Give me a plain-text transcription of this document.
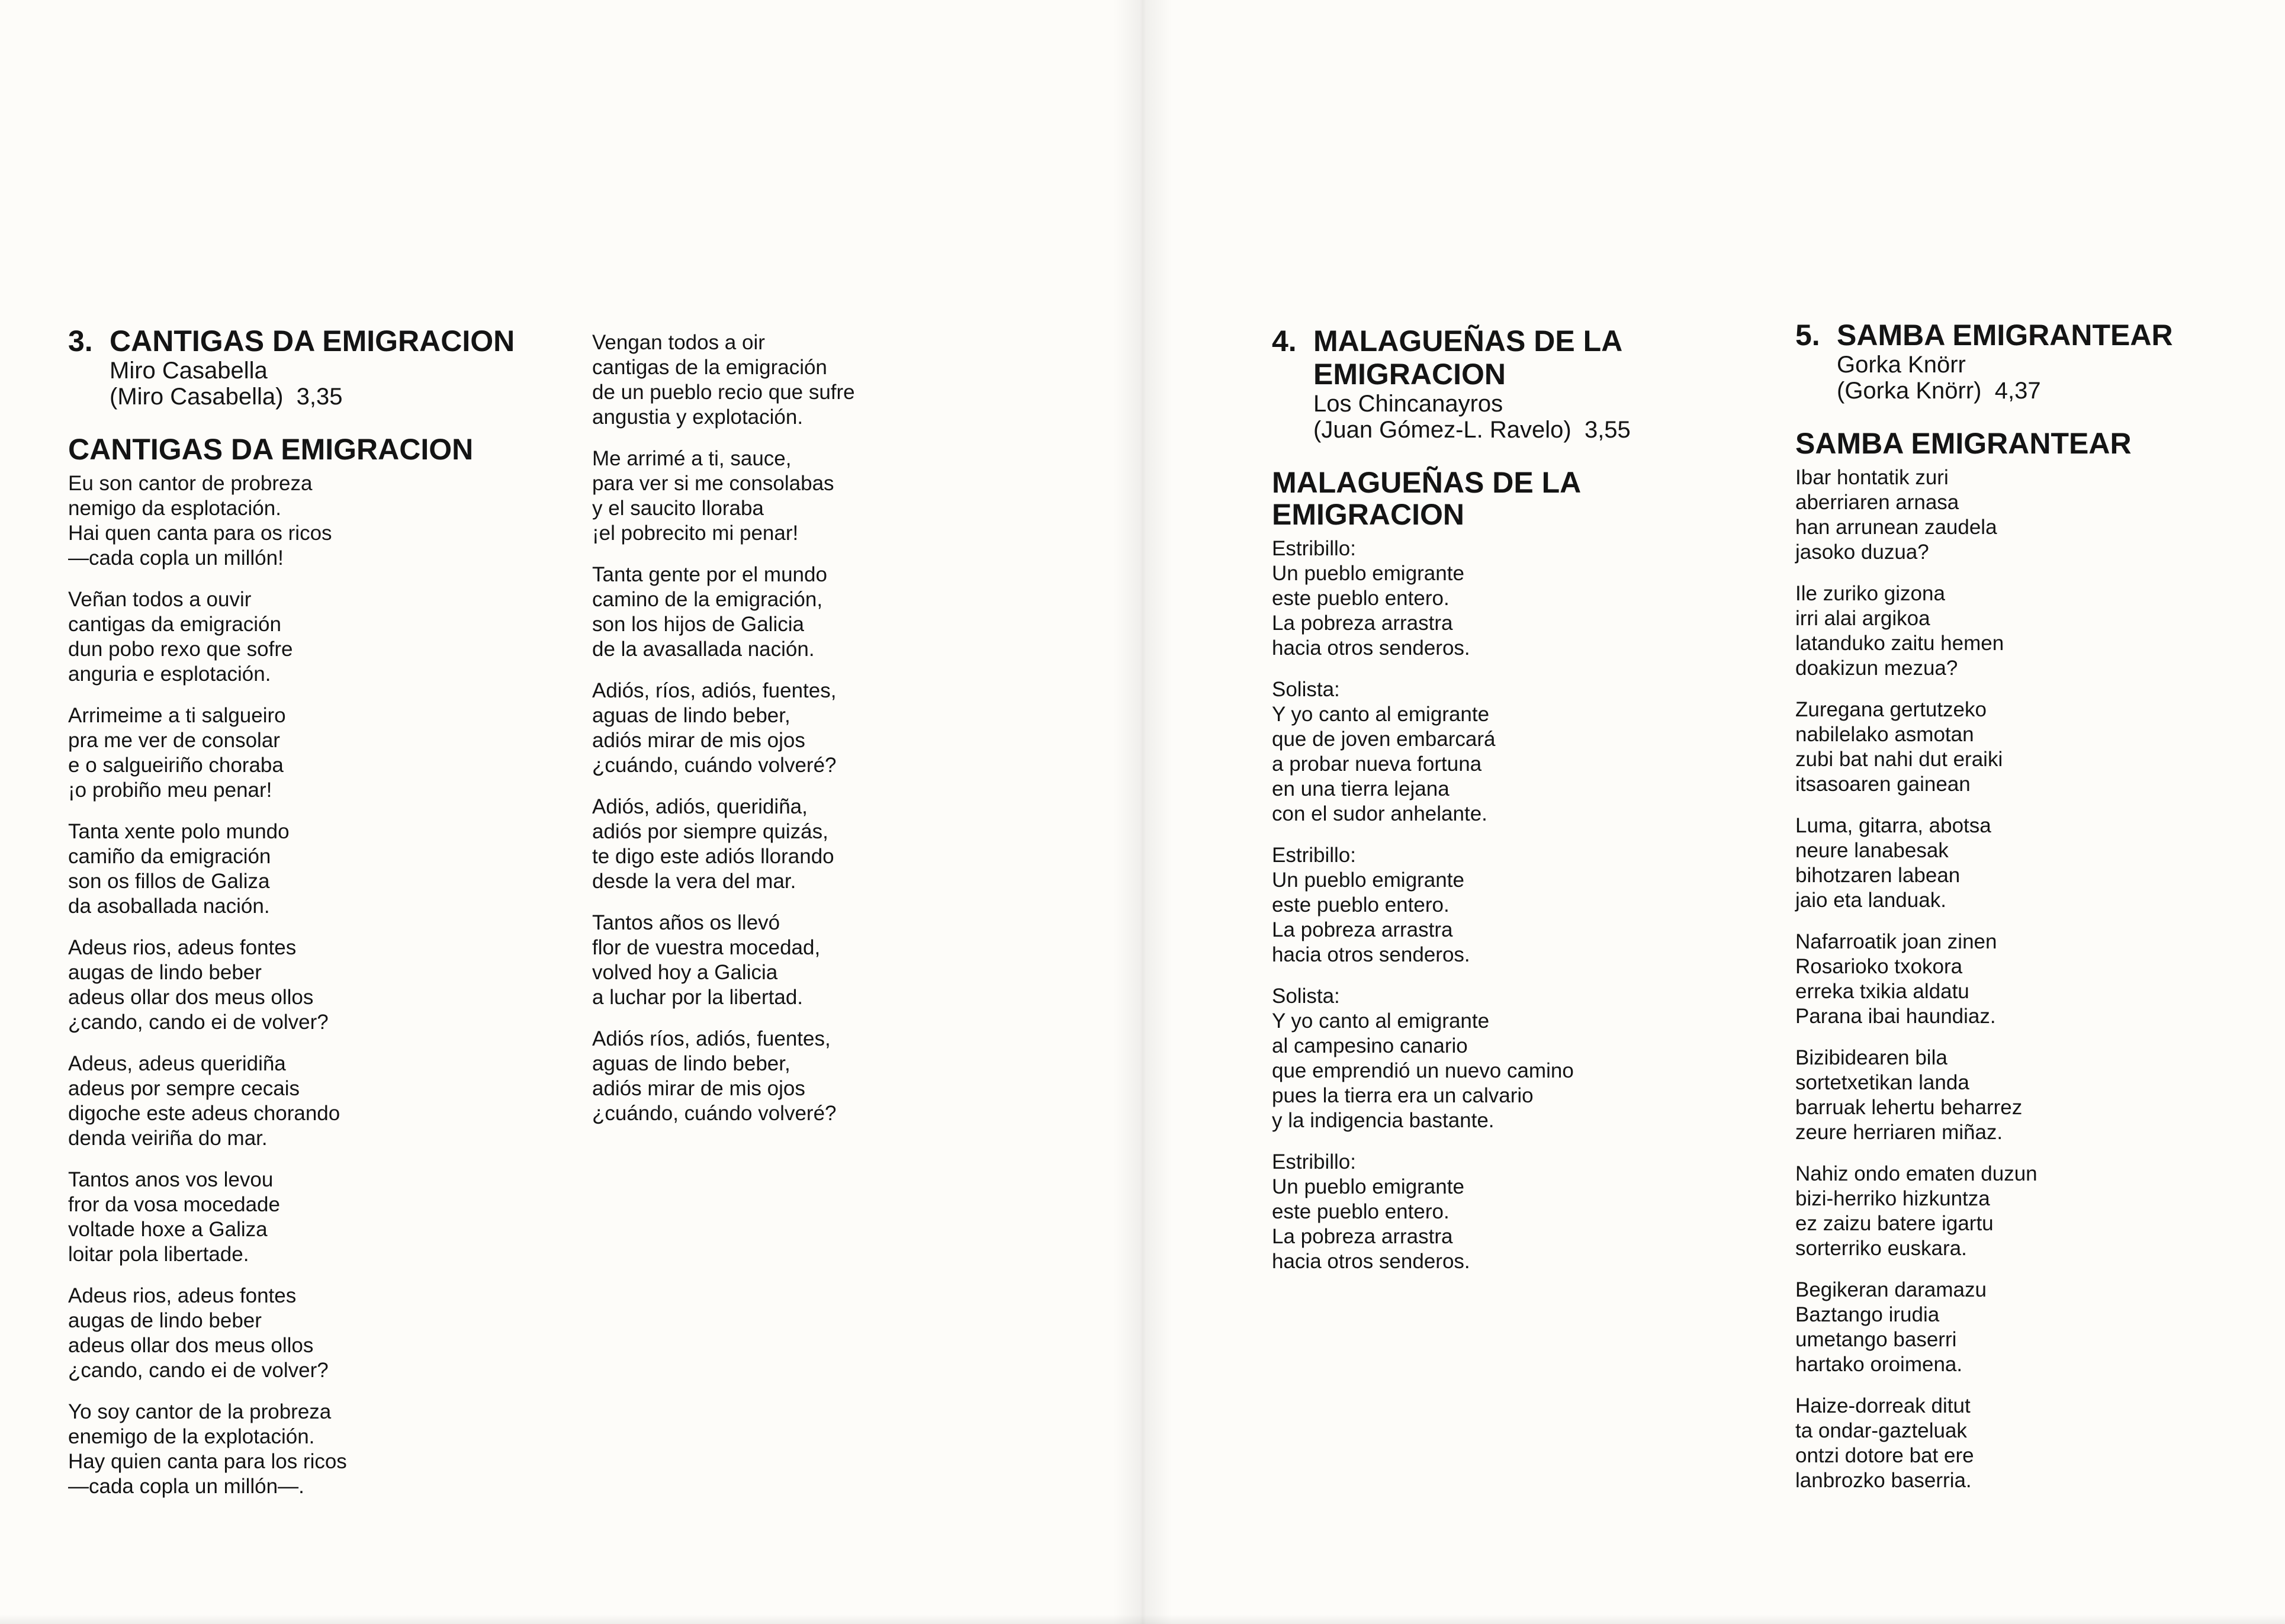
3. CANTIGAS DA EMIGRACION
Miro Casabella
(Miro Casabella)  3,35
CANTIGAS DA EMIGRACION
Eu son cantor de probreza
nemigo da esplotación.
Hai quen canta para os ricos
—cada copla un millón!
Veñan todos a ouvir
cantigas da emigración
dun pobo rexo que sofre
anguria e esplotación.
Arrimeime a ti salgueiro
pra me ver de consolar
e o salgueiriño choraba
¡o probiño meu penar!
Tanta xente polo mundo
camiño da emigración
son os fillos de Galiza
da asoballada nación.
Adeus rios, adeus fontes
augas de lindo beber
adeus ollar dos meus ollos
¿cando, cando ei de volver?
Adeus, adeus queridiña
adeus por sempre cecais
digoche este adeus chorando
denda veiriña do mar.
Tantos anos vos levou
fror da vosa mocedade
voltade hoxe a Galiza
loitar pola libertade.
Adeus rios, adeus fontes
augas de lindo beber
adeus ollar dos meus ollos
¿cando, cando ei de volver?
Yo soy cantor de la probreza
enemigo de la explotación.
Hay quien canta para los ricos
—cada copla un millón—.
Vengan todos a oir
cantigas de la emigración
de un pueblo recio que sufre
angustia y explotación.
Me arrimé a ti, sauce,
para ver si me consolabas
y el saucito lloraba
¡el pobrecito mi penar!
Tanta gente por el mundo
camino de la emigración,
son los hijos de Galicia
de la avasallada nación.
Adiós, ríos, adiós, fuentes,
aguas de lindo beber,
adiós mirar de mis ojos
¿cuándo, cuándo volveré?
Adiós, adiós, queridiña,
adiós por siempre quizás,
te digo este adiós llorando
desde la vera del mar.
Tantos años os llevó
flor de vuestra mocedad,
volved hoy a Galicia
a luchar por la libertad.
Adiós ríos, adiós, fuentes,
aguas de lindo beber,
adiós mirar de mis ojos
¿cuándo, cuándo volveré?
4. MALAGUEÑAS DE LA
EMIGRACION
Los Chincanayros
(Juan Gómez-L. Ravelo)  3,55
MALAGUEÑAS DE LA
EMIGRACION
Estribillo:
Un pueblo emigrante
este pueblo entero.
La pobreza arrastra
hacia otros senderos.
Solista:
Y yo canto al emigrante
que de joven embarcará
a probar nueva fortuna
en una tierra lejana
con el sudor anhelante.
Estribillo:
Un pueblo emigrante
este pueblo entero.
La pobreza arrastra
hacia otros senderos.
Solista:
Y yo canto al emigrante
al campesino canario
que emprendió un nuevo camino
pues la tierra era un calvario
y la indigencia bastante.
Estribillo:
Un pueblo emigrante
este pueblo entero.
La pobreza arrastra
hacia otros senderos.
5. SAMBA EMIGRANTEAR
Gorka Knörr
(Gorka Knörr)  4,37
SAMBA EMIGRANTEAR
Ibar hontatik zuri
aberriaren arnasa
han arrunean zaudela
jasoko duzua?
Ile zuriko gizona
irri alai argikoa
latanduko zaitu hemen
doakizun mezua?
Zuregana gertutzeko
nabilelako asmotan
zubi bat nahi dut eraiki
itsasoaren gainean
Luma, gitarra, abotsa
neure lanabesak
bihotzaren labean
jaio eta landuak.
Nafarroatik joan zinen
Rosarioko txokora
erreka txikia aldatu
Parana ibai haundiaz.
Bizibidearen bila
sortetxetikan landa
barruak lehertu beharrez
zeure herriaren miñaz.
Nahiz ondo ematen duzun
bizi-herriko hizkuntza
ez zaizu batere igartu
sorterriko euskara.
Begikeran daramazu
Baztango irudia
umetango baserri
hartako oroimena.
Haize-dorreak ditut
ta ondar-gazteluak
ontzi dotore bat ere
lanbrozko baserria.
